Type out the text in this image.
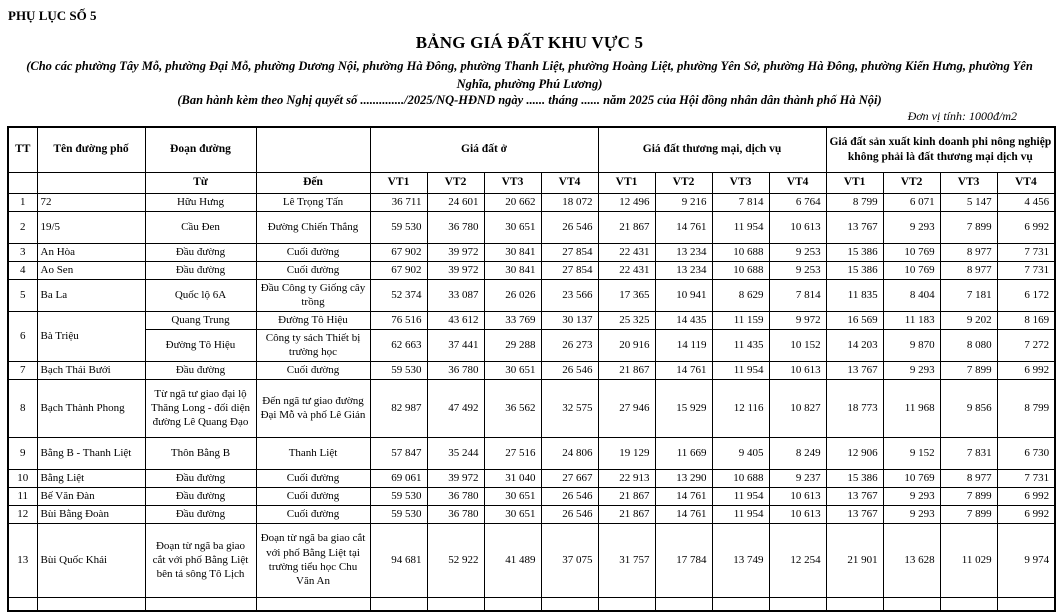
PHỤ LỤC SỐ 5
BẢNG GIÁ ĐẤT KHU VỰC 5
(Cho các phường Tây Mỗ, phường Đại Mỗ, phường Dương Nội, phường Hà Đông, phường Thanh Liệt, phường Hoàng Liệt, phường Yên Sở, phường Hà Đông, phường Kiến Hưng, phường Yên Nghĩa, phường Phú Lương)
(Ban hành kèm theo Nghị quyết số ............../2025/NQ-HĐND ngày ...... tháng ...... năm 2025 của Hội đồng nhân dân thành phố Hà Nội)
Đơn vị tính: 1000đ/m2
TT	Tên đường phố	Đoạn đường		Giá đất ở				Giá đất thương mại, dịch vụ				Giá đất sản xuất kinh doanh phi nông nghiệp không phải là đất thương mại dịch vụ			
		Từ	Đến	VT1	VT2	VT3	VT4	VT1	VT2	VT3	VT4	VT1	VT2	VT3	VT4
1	72	Hữu Hưng	Lê Trọng Tấn	36 711	24 601	20 662	18 072	12 496	9 216	7 814	6 764	8 799	6 071	5 147	4 456
2	19/5	Cầu Đen	Đường Chiến Thắng	59 530	36 780	30 651	26 546	21 867	14 761	11 954	10 613	13 767	9 293	7 899	6 992
3	An Hòa	Đầu đường	Cuối đường	67 902	39 972	30 841	27 854	22 431	13 234	10 688	9 253	15 386	10 769	8 977	7 731
4	Ao Sen	Đầu đường	Cuối đường	67 902	39 972	30 841	27 854	22 431	13 234	10 688	9 253	15 386	10 769	8 977	7 731
5	Ba La	Quốc lộ 6A	Đầu Công ty Giống cây trồng	52 374	33 087	26 026	23 566	17 365	10 941	8 629	7 814	11 835	8 404	7 181	6 172
6	Bà Triệu	Quang Trung	Đường Tô Hiệu	76 516	43 612	33 769	30 137	25 325	14 435	11 159	9 972	16 569	11 183	9 202	8 169
		Đường Tô Hiệu	Công ty sách Thiết bị trường học	62 663	37 441	29 288	26 273	20 916	14 119	11 435	10 152	14 203	9 870	8 080	7 272
7	Bạch Thái Bưởi	Đầu đường	Cuối đường	59 530	36 780	30 651	26 546	21 867	14 761	11 954	10 613	13 767	9 293	7 899	6 992
8	Bạch Thành Phong	Từ ngã tư giao đại lộ Thăng Long - đối diện đường Lê Quang Đạo	Đến ngã tư giao đường Đại Mỗ và phố Lê Giản	82 987	47 492	36 562	32 575	27 946	15 929	12 116	10 827	18 773	11 968	9 856	8 799
9	Bằng B - Thanh Liệt	Thôn Bằng B	Thanh Liệt	57 847	35 244	27 516	24 806	19 129	11 669	9 405	8 249	12 906	9 152	7 831	6 730
10	Bằng Liệt	Đầu đường	Cuối đường	69 061	39 972	31 040	27 667	22 913	13 290	10 688	9 237	15 386	10 769	8 977	7 731
11	Bế Văn Đàn	Đầu đường	Cuối đường	59 530	36 780	30 651	26 546	21 867	14 761	11 954	10 613	13 767	9 293	7 899	6 992
12	Bùi Bằng Đoàn	Đầu đường	Cuối đường	59 530	36 780	30 651	26 546	21 867	14 761	11 954	10 613	13 767	9 293	7 899	6 992
13	Bùi Quốc Khái	Đoạn từ ngã ba giao cắt với phố Bằng Liệt bên tả sông Tô Lịch	Đoạn từ ngã ba giao cắt với phố Bằng Liệt tại trường tiểu học Chu Văn An	94 681	52 922	41 489	37 075	31 757	17 784	13 749	12 254	21 901	13 628	11 029	9 974
